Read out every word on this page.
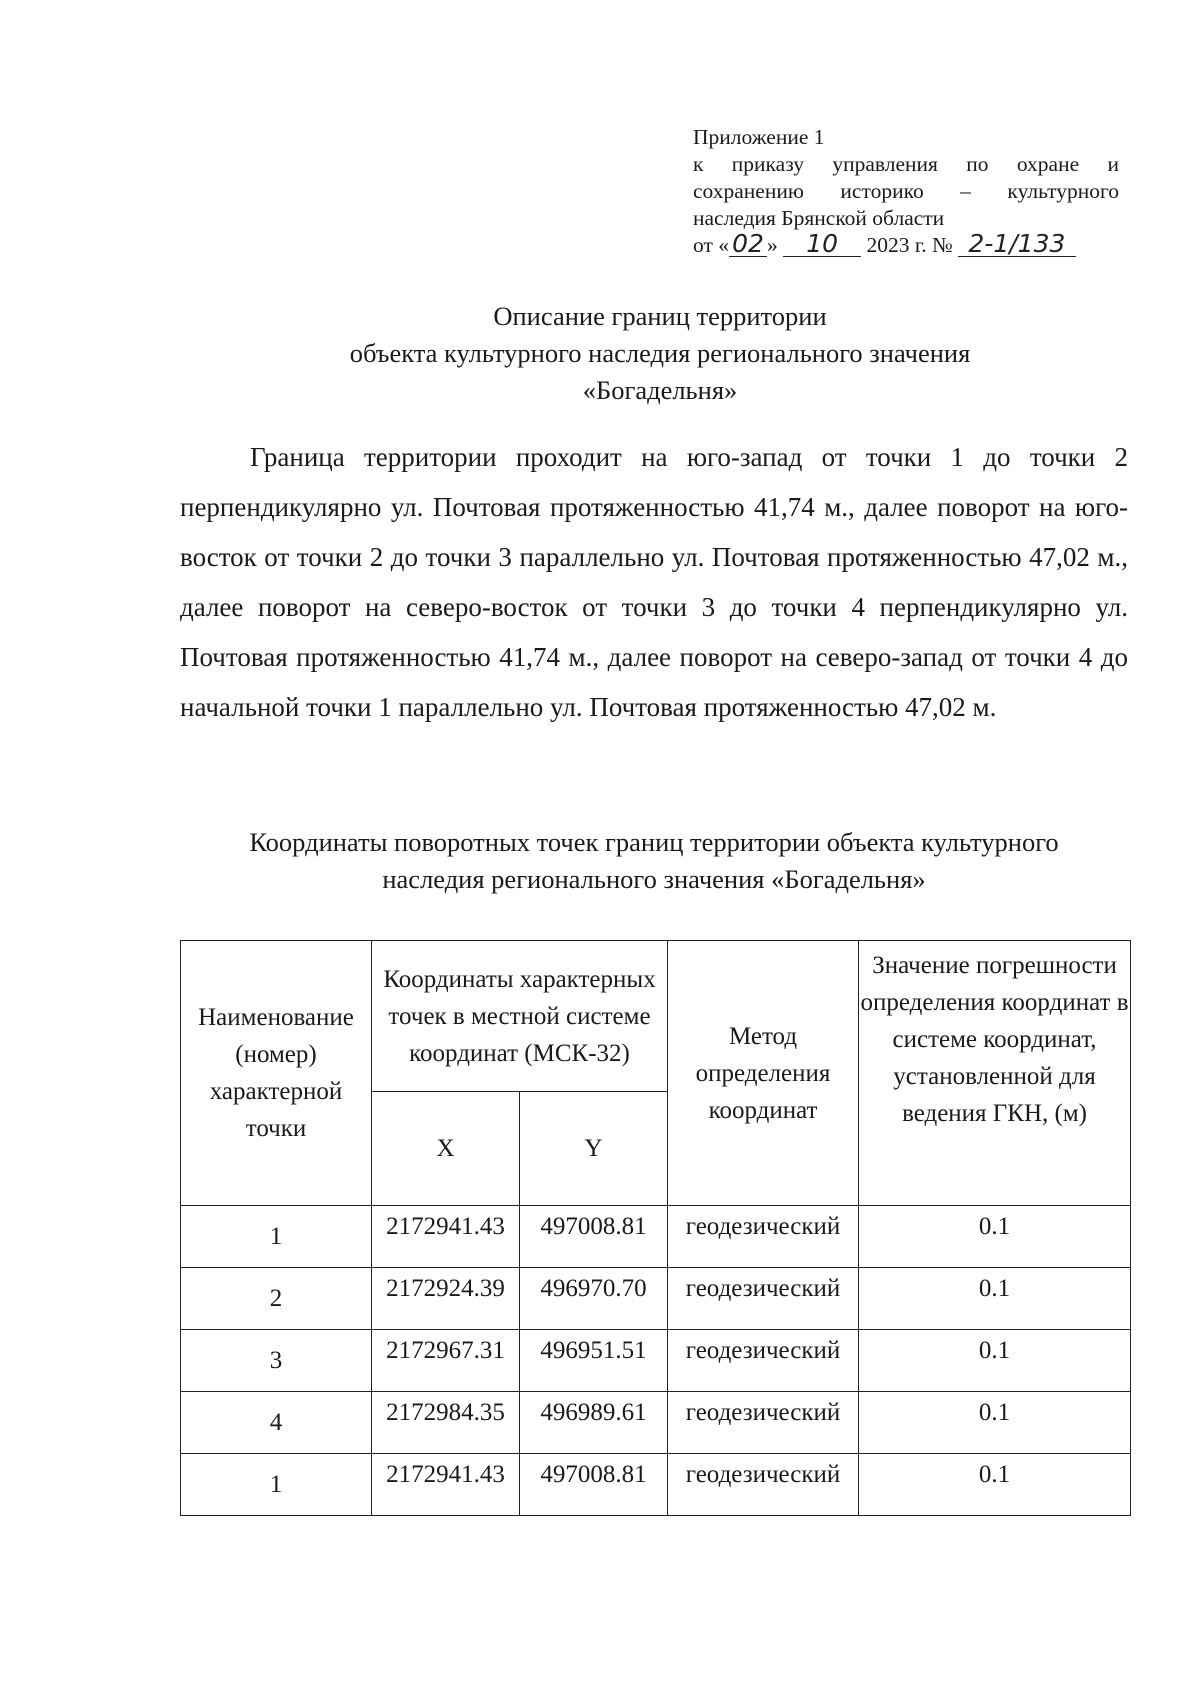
Приложение 1
к приказу управления по охране и
сохранению историко – культурного
наследия Брянской области
от « 02 » 10 2023 г. № 2-1/133
Описание границ территории
объекта культурного наследия регионального значения
«Богадельня»

Граница территории проходит на юго-запад от точки 1 до точки 2 перпендикулярно ул. Почтовая протяженностью 41,74 м., далее поворот на юго-восток от точки 2 до точки 3 параллельно ул. Почтовая протяженностью 47,02 м., далее поворот на северо-восток от точки 3 до точки 4 перпендикулярно ул. Почтовая протяженностью 41,74 м., далее поворот на северо-запад от точки 4 до начальной точки 1 параллельно ул. Почтовая протяженностью 47,02 м.

Координаты поворотных точек границ территории объекта культурного
наследия регионального значения «Богадельня»
Наименование (номер) характерной точки	Координаты характерных точек в местной системе координат (МСК-32)		Метод определения координат	Значение погрешности определения координат в системе координат, установленной для ведения ГКН, (м)
	X	Y		
1	2172941.43	497008.81	геодезический	0.1
2	2172924.39	496970.70	геодезический	0.1
3	2172967.31	496951.51	геодезический	0.1
4	2172984.35	496989.61	геодезический	0.1
1	2172941.43	497008.81	геодезический	0.1
